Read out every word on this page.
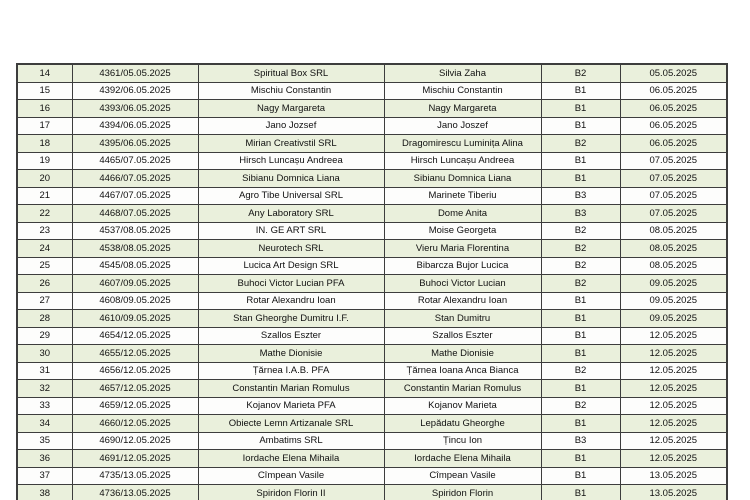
14	4361/05.05.2025	Spiritual Box SRL	Silvia Zaha	B2	05.05.2025
15	4392/06.05.2025	Mischiu Constantin	Mischiu Constantin	B1	06.05.2025
16	4393/06.05.2025	Nagy Margareta	Nagy Margareta	B1	06.05.2025
17	4394/06.05.2025	Jano Jozsef	Jano Joszef	B1	06.05.2025
18	4395/06.05.2025	Mirian Creativstil SRL	Dragomirescu Luminița Alina	B2	06.05.2025
19	4465/07.05.2025	Hirsch Luncașu Andreea	Hirsch Luncașu Andreea	B1	07.05.2025
20	4466/07.05.2025	Sibianu Domnica Liana	Sibianu Domnica Liana	B1	07.05.2025
21	4467/07.05.2025	Agro Tibe Universal SRL	Marinete Tiberiu	B3	07.05.2025
22	4468/07.05.2025	Any Laboratory SRL	Dome Anita	B3	07.05.2025
23	4537/08.05.2025	IN. GE ART SRL	Moise Georgeta	B2	08.05.2025
24	4538/08.05.2025	Neurotech SRL	Vieru Maria Florentina	B2	08.05.2025
25	4545/08.05.2025	Lucica Art Design SRL	Bibarcza Bujor Lucica	B2	08.05.2025
26	4607/09.05.2025	Buhoci Victor Lucian PFA	Buhoci Victor Lucian	B2	09.05.2025
27	4608/09.05.2025	Rotar Alexandru Ioan	Rotar Alexandru Ioan	B1	09.05.2025
28	4610/09.05.2025	Stan Gheorghe Dumitru I.F.	Stan Dumitru	B1	09.05.2025
29	4654/12.05.2025	Szallos Eszter	Szallos Eszter	B1	12.05.2025
30	4655/12.05.2025	Mathe Dionisie	Mathe Dionisie	B1	12.05.2025
31	4656/12.05.2025	Țărnea I.A.B. PFA	Țărnea Ioana Anca Bianca	B2	12.05.2025
32	4657/12.05.2025	Constantin Marian Romulus	Constantin Marian Romulus	B1	12.05.2025
33	4659/12.05.2025	Kojanov Marieta PFA	Kojanov Marieta	B2	12.05.2025
34	4660/12.05.2025	Obiecte Lemn Artizanale SRL	Lepădatu Gheorghe	B1	12.05.2025
35	4690/12.05.2025	Ambatims SRL	Țincu Ion	B3	12.05.2025
36	4691/12.05.2025	Iordache Elena Mihaila	Iordache Elena Mihaila	B1	12.05.2025
37	4735/13.05.2025	Cîmpean Vasile	Cîmpean Vasile	B1	13.05.2025
38	4736/13.05.2025	Spiridon Florin II	Spiridon Florin	B1	13.05.2025
